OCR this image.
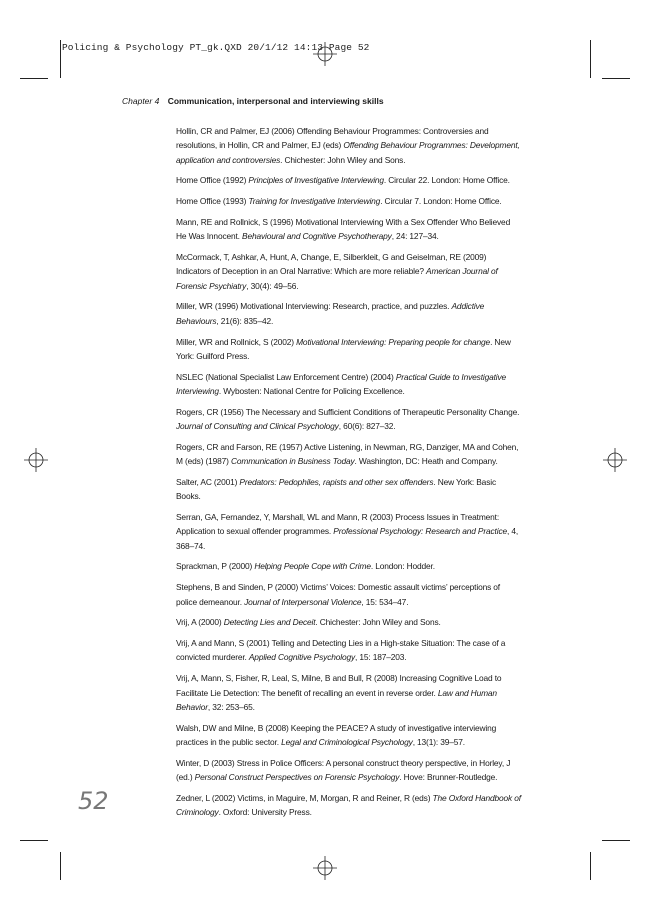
Policing & Psychology PT_gk.QXD 20/1/12 14:13 Page 52
Chapter 4 Communication, interpersonal and interviewing skills
Hollin, CR and Palmer, EJ (2006) Offending Behaviour Programmes: Controversies and resolutions, in Hollin, CR and Palmer, EJ (eds) Offending Behaviour Programmes: Development, application and controversies. Chichester: John Wiley and Sons.
Home Office (1992) Principles of Investigative Interviewing. Circular 22. London: Home Office.
Home Office (1993) Training for Investigative Interviewing. Circular 7. London: Home Office.
Mann, RE and Rollnick, S (1996) Motivational Interviewing With a Sex Offender Who Believed He Was Innocent. Behavioural and Cognitive Psychotherapy, 24: 127–34.
McCormack, T, Ashkar, A, Hunt, A, Change, E, Silberkleit, G and Geiselman, RE (2009) Indicators of Deception in an Oral Narrative: Which are more reliable? American Journal of Forensic Psychiatry, 30(4): 49–56.
Miller, WR (1996) Motivational Interviewing: Research, practice, and puzzles. Addictive Behaviours, 21(6): 835–42.
Miller, WR and Rollnick, S (2002) Motivational Interviewing: Preparing people for change. New York: Guilford Press.
NSLEC (National Specialist Law Enforcement Centre) (2004) Practical Guide to Investigative Interviewing. Wybosten: National Centre for Policing Excellence.
Rogers, CR (1956) The Necessary and Sufficient Conditions of Therapeutic Personality Change. Journal of Consulting and Clinical Psychology, 60(6): 827–32.
Rogers, CR and Farson, RE (1957) Active Listening, in Newman, RG, Danziger, MA and Cohen, M (eds) (1987) Communication in Business Today. Washington, DC: Heath and Company.
Salter, AC (2001) Predators: Pedophiles, rapists and other sex offenders. New York: Basic Books.
Serran, GA, Fernandez, Y, Marshall, WL and Mann, R (2003) Process Issues in Treatment: Application to sexual offender programmes. Professional Psychology: Research and Practice, 4, 368–74.
Sprackman, P (2000) Helping People Cope with Crime. London: Hodder.
Stephens, B and Sinden, P (2000) Victims’ Voices: Domestic assault victims’ perceptions of police demeanour. Journal of Interpersonal Violence, 15: 534–47.
Vrij, A (2000) Detecting Lies and Deceit. Chichester: John Wiley and Sons.
Vrij, A and Mann, S (2001) Telling and Detecting Lies in a High-stake Situation: The case of a convicted murderer. Applied Cognitive Psychology, 15: 187–203.
Vrij, A, Mann, S, Fisher, R, Leal, S, Milne, B and Bull, R (2008) Increasing Cognitive Load to Facilitate Lie Detection: The benefit of recalling an event in reverse order. Law and Human Behavior, 32: 253–65.
Walsh, DW and Milne, B (2008) Keeping the PEACE? A study of investigative interviewing practices in the public sector. Legal and Criminological Psychology, 13(1): 39–57.
Winter, D (2003) Stress in Police Officers: A personal construct theory perspective, in Horley, J (ed.) Personal Construct Perspectives on Forensic Psychology. Hove: Brunner-Routledge.
Zedner, L (2002) Victims, in Maguire, M, Morgan, R and Reiner, R (eds) The Oxford Handbook of Criminology. Oxford: University Press.
52
